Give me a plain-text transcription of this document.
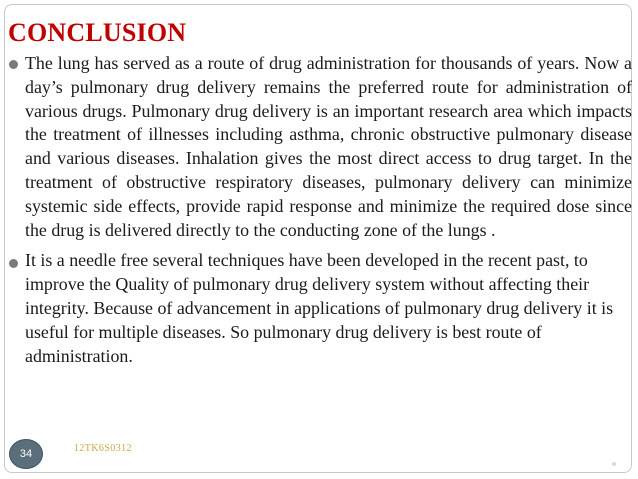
CONCLUSION

The lung has served as a route of drug administration for thousands of years. Now a day’s pulmonary drug delivery remains the preferred route for administration of various drugs. Pulmonary drug delivery is an important research area which impacts the treatment of illnesses including asthma, chronic obstructive pulmonary disease and various diseases. Inhalation gives the most direct access to drug target. In the treatment of obstructive respiratory diseases, pulmonary delivery can minimize systemic side effects, provide rapid response and minimize the required dose since the drug is delivered directly to the conducting zone of the lungs .

It is a needle free several techniques have been developed in the recent past, to improve the Quality of pulmonary drug delivery system without affecting their integrity. Because of advancement in applications of pulmonary drug delivery it is useful for multiple diseases. So pulmonary drug delivery is best route of administration.

34	12TK6S0312
